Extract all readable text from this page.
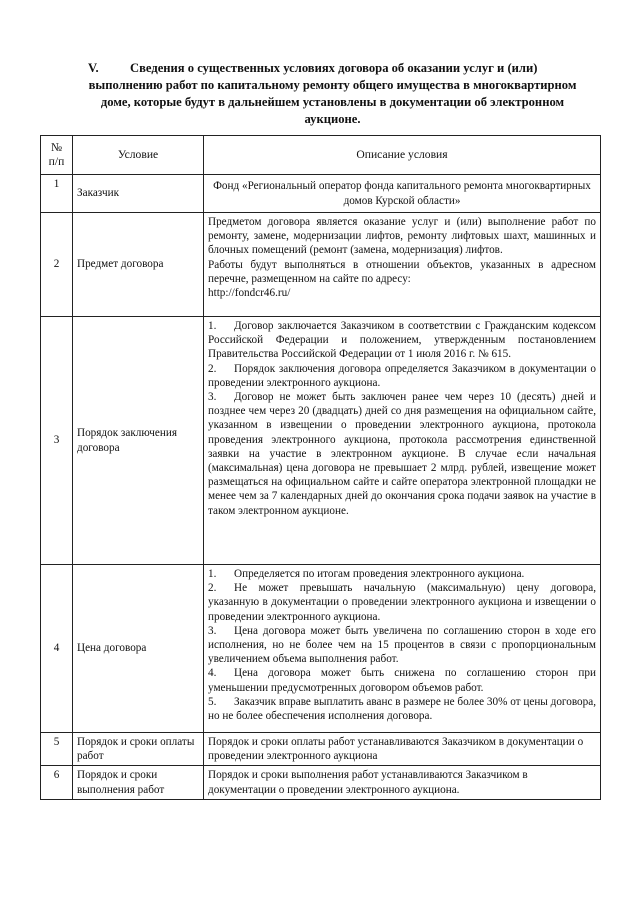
V.	Сведения о существенных условиях договора об оказании услуг и (или)
выполнению работ по капитальному ремонту общего имущества в многоквартирном
доме, которые будут в дальнейшем установлены в документации об электронном
аукционе.
№ п/п	Условие	Описание условия
1	Заказчик	Фонд «Региональный оператор фонда капитального ремонта многоквартирных домов Курской области»
2	Предмет договора	Предметом договора является оказание услуг и (или) выполнение работ по ремонту, замене, модернизации лифтов, ремонту лифтовых шахт, машинных и блочных помещений (ремонт (замена, модернизация) лифтов.

Работы будут выполняться в отношении объектов, указанных в адресном перечне, размещенном на сайте по адресу:

http://fondcr46.ru/

3	Порядок заключения договора	1. Договор заключается Заказчиком в соответствии с Гражданским кодексом Российской Федерации и положением, утвержденным постановлением Правительства Российской Федерации от 1 июля 2016 г. № 615.

2. Порядок заключения договора определяется Заказчиком в документации о проведении электронного аукциона.

3. Договор не может быть заключен ранее чем через 10 (десять) дней и позднее чем через 20 (двадцать) дней со дня размещения на официальном сайте, указанном в извещении о проведении электронного аукциона, протокола проведения электронного аукциона, протокола рассмотрения единственной заявки на участие в электронном аукционе. В случае если начальная (максимальная) цена договора не превышает 2 млрд. рублей, извещение может размещаться на официальном сайте и сайте оператора электронной площадки не менее чем за 7 календарных дней до окончания срока подачи заявок на участие в таком электронном аукционе.

4	Цена договора	1. Определяется по итогам проведения электронного аукциона.

2. Не может превышать начальную (максимальную) цену договора, указанную в документации о проведении электронного аукциона и извещении о проведении электронного аукциона.

3. Цена договора может быть увеличена по соглашению сторон в ходе его исполнения, но не более чем на 15 процентов в связи с пропорциональным увеличением объема выполнения работ.

4. Цена договора может быть снижена по соглашению сторон при уменьшении предусмотренных договором объемов работ.

5. Заказчик вправе выплатить аванс в размере не более 30% от цены договора, но не более обеспечения исполнения договора.

5	Порядок и сроки оплаты работ	Порядок и сроки оплаты работ устанавливаются Заказчиком в документации о проведении электронного аукциона
6	Порядок и сроки выполнения работ	Порядок и сроки выполнения работ устанавливаются Заказчиком в документации о проведении электронного аукциона.
